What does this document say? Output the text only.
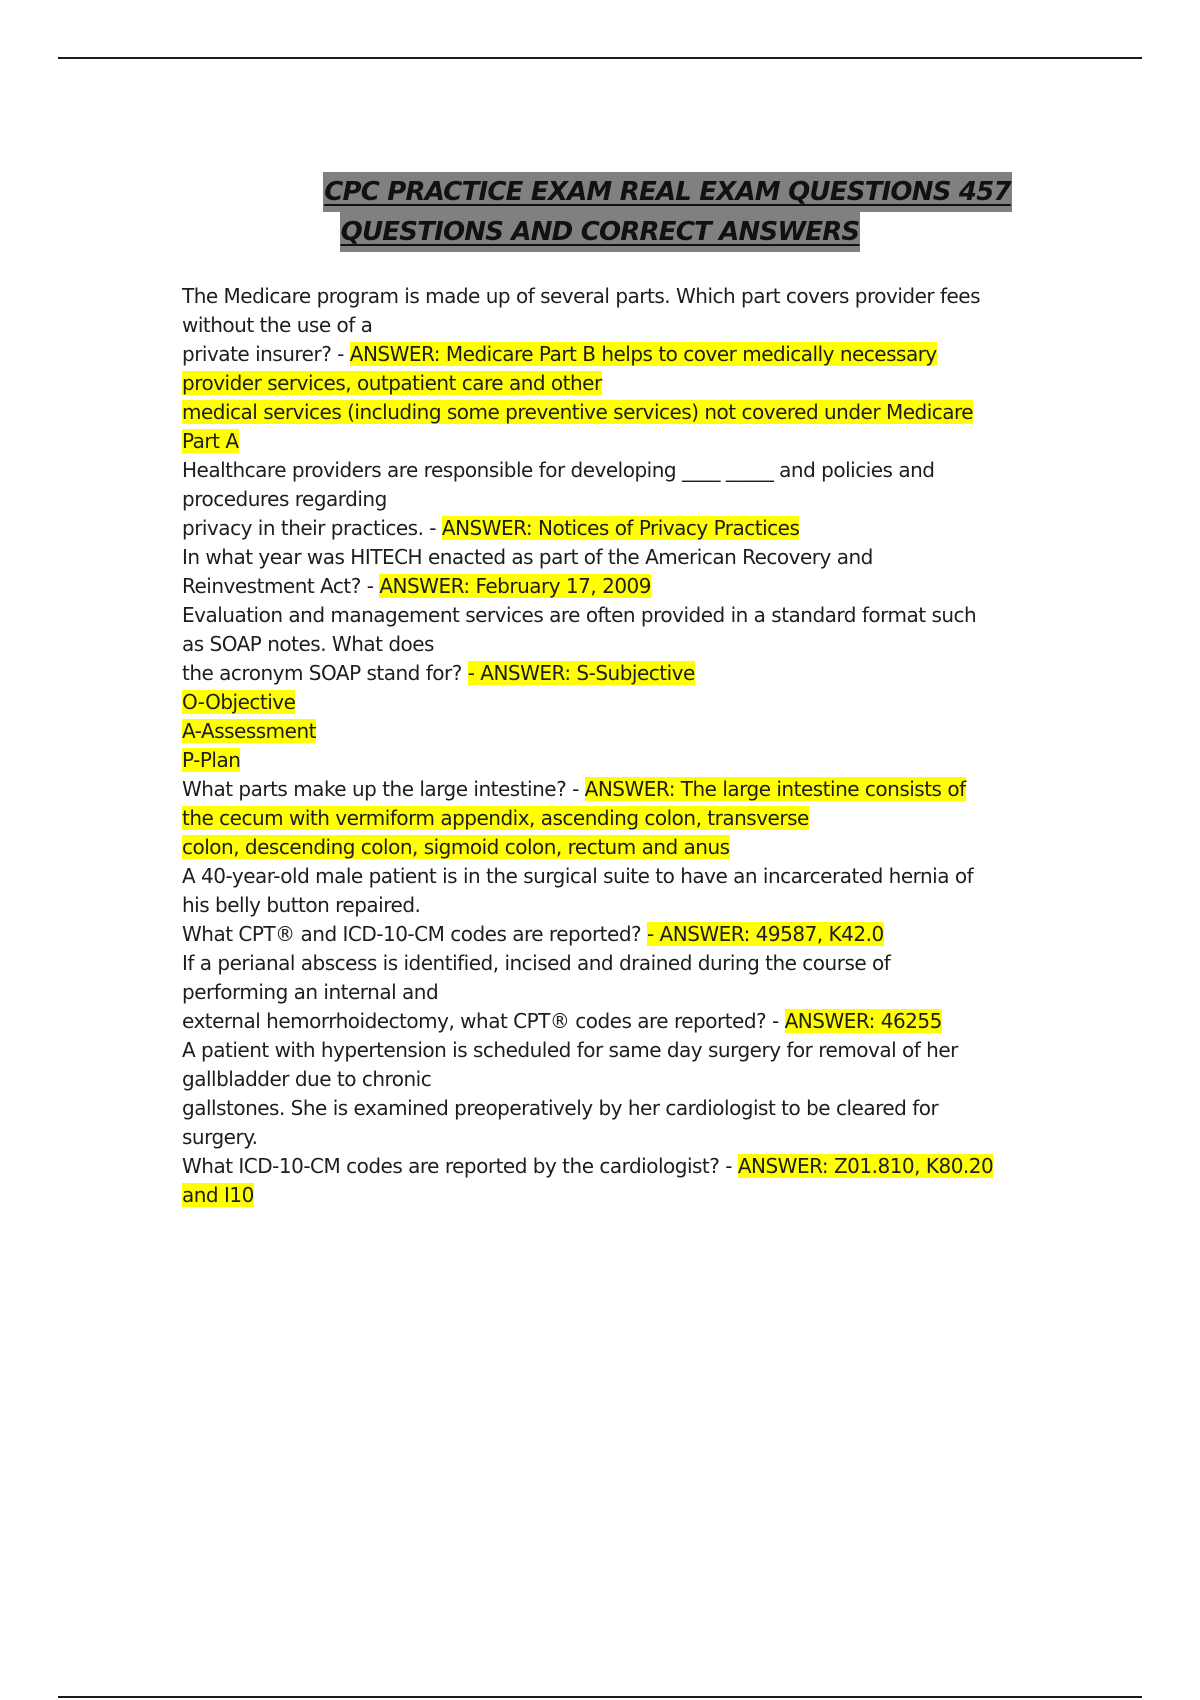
CPC PRACTICE EXAM REAL EXAM QUESTIONS 457
QUESTIONS AND CORRECT ANSWERS

The Medicare program is made up of several parts. Which part covers provider fees
without the use of a
private insurer? - ANSWER: Medicare Part B helps to cover medically necessary
provider services, outpatient care and other
medical services (including some preventive services) not covered under Medicare
Part A

Healthcare providers are responsible for developing ____ _____ and policies and
procedures regarding
privacy in their practices. - ANSWER: Notices of Privacy Practices

In what year was HITECH enacted as part of the American Recovery and
Reinvestment Act? - ANSWER: February 17, 2009

Evaluation and management services are often provided in a standard format such
as SOAP notes. What does
the acronym SOAP stand for? - ANSWER: S-Subjective
O-Objective
A-Assessment
P-Plan

What parts make up the large intestine? - ANSWER: The large intestine consists of
the cecum with vermiform appendix, ascending colon, transverse
colon, descending colon, sigmoid colon, rectum and anus

A 40-year-old male patient is in the surgical suite to have an incarcerated hernia of
his belly button repaired.
What CPT® and ICD-10-CM codes are reported? - ANSWER: 49587, K42.0

If a perianal abscess is identified, incised and drained during the course of
performing an internal and
external hemorrhoidectomy, what CPT® codes are reported? - ANSWER: 46255

A patient with hypertension is scheduled for same day surgery for removal of her
gallbladder due to chronic
gallstones. She is examined preoperatively by her cardiologist to be cleared for
surgery.

What ICD-10-CM codes are reported by the cardiologist? - ANSWER: Z01.810, K80.20
and I10
